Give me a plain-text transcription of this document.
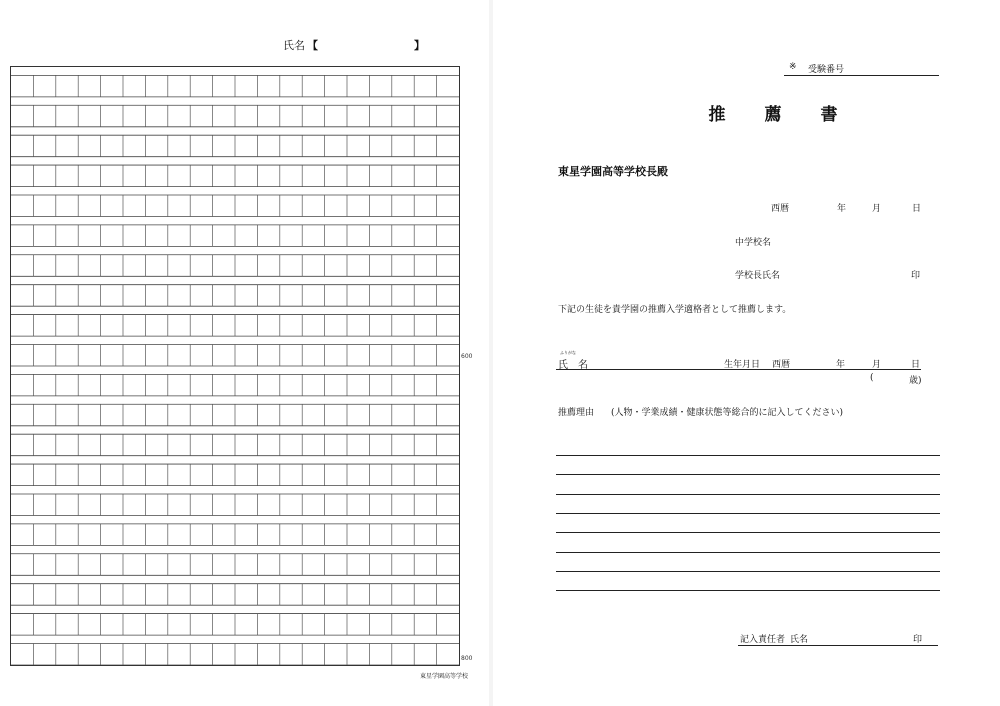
氏名 【	】
600
800
東星学園高等学校
※ 受験番号
推 薦 書
東星学園高等学校長殿
西暦	年	月	日
中学校名
学校長氏名	印
下記の生徒を貴学園の推薦入学適格者として推薦します。
ふりがな
氏名	生年月日 西暦	年	月	日
(	歳)
推薦理由 (人物・学業成績・健康状態等総合的に記入してください)
記入責任者 氏名	印
